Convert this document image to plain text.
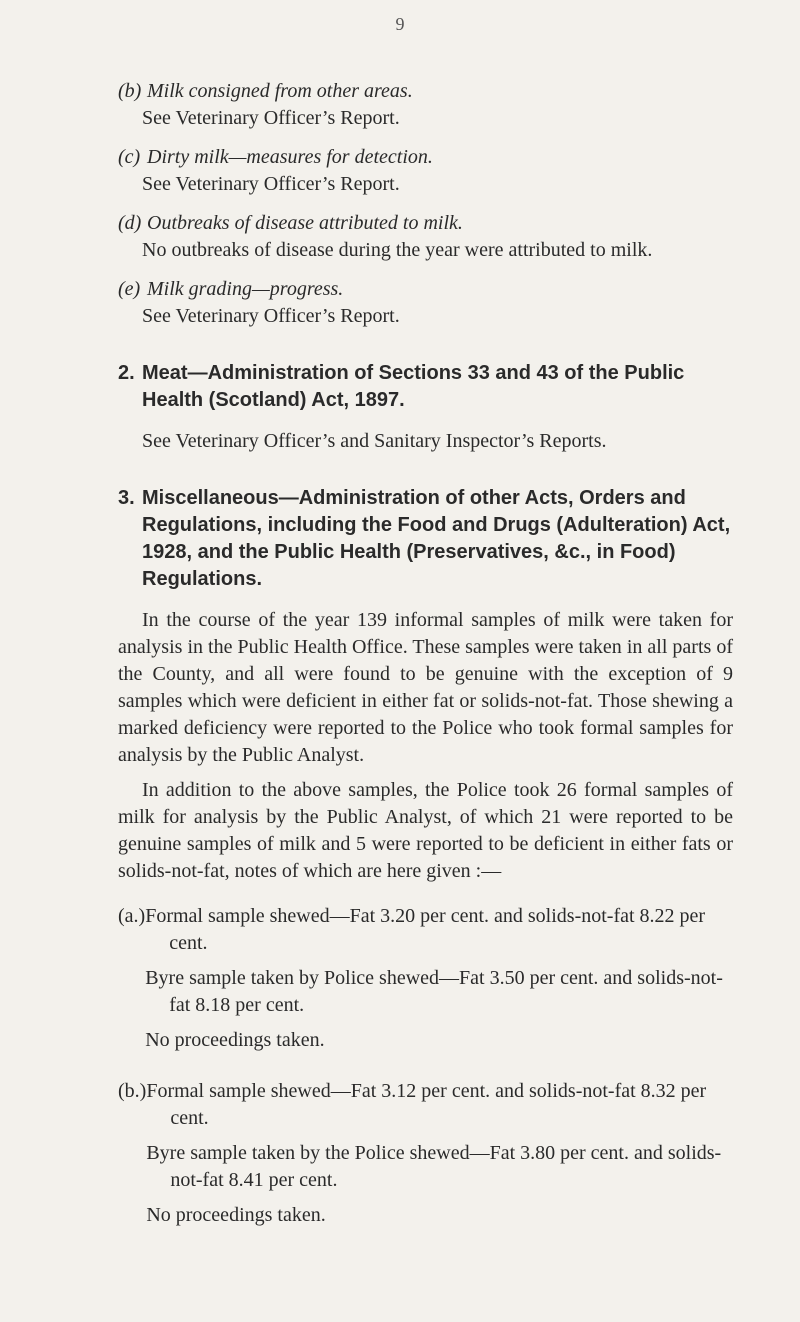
9

(b) Milk consigned from other areas.

See Veterinary Officer’s Report.

(c) Dirty milk—measures for detection.

See Veterinary Officer’s Report.

(d) Outbreaks of disease attributed to milk.

No outbreaks of disease during the year were attributed to milk.

(e) Milk grading—progress.

See Veterinary Officer’s Report.

2. Meat—Administration of Sections 33 and 43 of the Public Health (Scotland) Act, 1897.

See Veterinary Officer’s and Sanitary Inspector’s Reports.

3. Miscellaneous—Administration of other Acts, Orders and Regulations, including the Food and Drugs (Adulteration) Act, 1928, and the Public Health (Preservatives, &c., in Food) Regulations.

In the course of the year 139 informal samples of milk were taken for analysis in the Public Health Office. These samples were taken in all parts of the County, and all were found to be genuine with the exception of 9 samples which were deficient in either fat or solids-not-fat. Those shewing a marked deficiency were reported to the Police who took formal samples for analysis by the Public Analyst.

In addition to the above samples, the Police took 26 formal samples of milk for analysis by the Public Analyst, of which 21 were reported to be genuine samples of milk and 5 were reported to be deficient in either fats or solids-not-fat, notes of which are here given :—

(a.) Formal sample shewed—Fat 3.20 per cent. and solids-not-fat 8.22 per cent.

Byre sample taken by Police shewed—Fat 3.50 per cent. and solids-not-fat 8.18 per cent.

No proceedings taken.

(b.) Formal sample shewed—Fat 3.12 per cent. and solids-not-fat 8.32 per cent.

Byre sample taken by the Police shewed—Fat 3.80 per cent. and solids-not-fat 8.41 per cent.

No proceedings taken.
